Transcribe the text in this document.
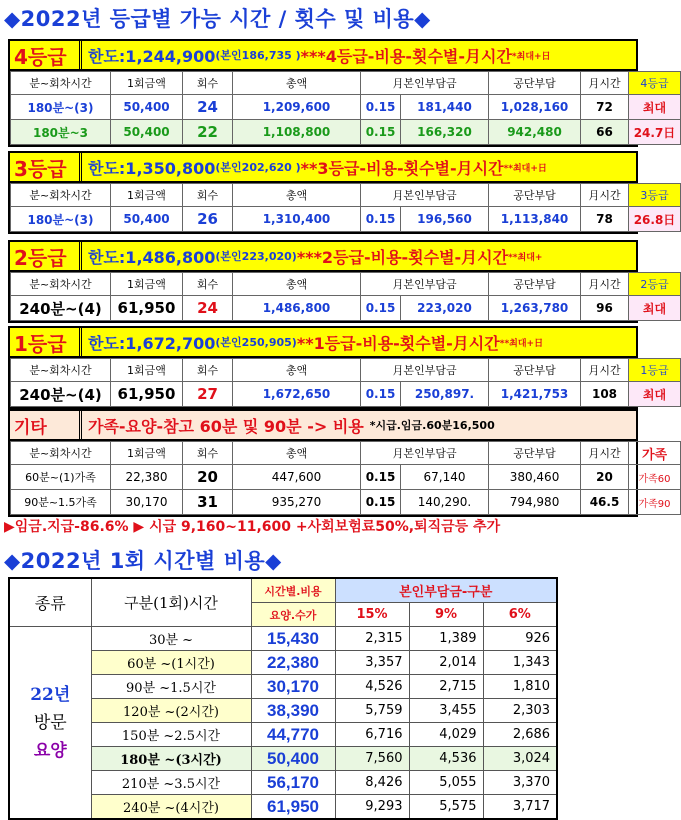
◆2022년 등급별 가능 시간 / 횟수 및 비용◆
4등급	한도:1,244,900 (본인186,735 ) ***4등급-비용-횟수별-月시간 *최대+日
분~회차시간	1회금액	회수	총액	月본인부담금		공단부담	月시간	4등급
180분~(3)	50,400	24	1,209,600	0.15	181,440	1,028,160	72	최대
180분~3	50,400	22	1,108,800	0.15	166,320	942,480	66	24.7日
3등급	한도:1,350,800 (본인202,620 ) **3등급-비용-횟수별-月시간 **최대+日
분~회차시간	1회금액	회수	총액	月본인부담금		공단부담	月시간	3등급
180분~(3)	50,400	26	1,310,400	0.15	196,560	1,113,840	78	26.8日
2등급	한도:1,486,800 (본인223,020) ***2등급-비용-횟수별-月시간 **최대+
분~회차시간	1회금액	회수	총액	月본인부담금		공단부담	月시간	2등급
240분~(4)	61,950	24	1,486,800	0.15	223,020	1,263,780	96	최대
1등급	한도:1,672,700 (본인250,905) **1등급-비용-횟수별-月시간 **최대+日
분~회차시간	1회금액	회수	총액	月본인부담금		공단부담	月시간	1등급
240분~(4)	61,950	27	1,672,650	0.15	250,897.	1,421,753	108	최대
기타	가족-요양-참고 60분 및 90분 -> 비용 *시급.임금.60분16,500
분~회차시간	1회금액	회수	총액	月본인부담금		공단부담	月시간	가족
60분~(1)가족	22,380	20	447,600	0.15	67,140	380,460	20	가족60
90분~1.5가족	30,170	31	935,270	0.15	140,290.	794,980	46.5	가족90
▶임금.지급-86.6% ▶ 시급 9,160~11,600 +사회보험료50%,퇴직금등 추가
◆2022년 1회 시간별 비용◆
종류	구분(1회)시간	시간별.비용	본인부담금-구분		
		요양.수가	15%	9%	6%

22년
방문
요양	30분 ~	15,430	2,315	1,389	926
	60분 ~(1시간)	22,380	3,357	2,014	1,343
	90분 ~1.5시간	30,170	4,526	2,715	1,810
	120분 ~(2시간)	38,390	5,759	3,455	2,303
	150분 ~2.5시간	44,770	6,716	4,029	2,686
	180분 ~(3시간)	50,400	7,560	4,536	3,024
	210분 ~3.5시간	56,170	8,426	5,055	3,370
	240분 ~(4시간)	61,950	9,293	5,575	3,717
